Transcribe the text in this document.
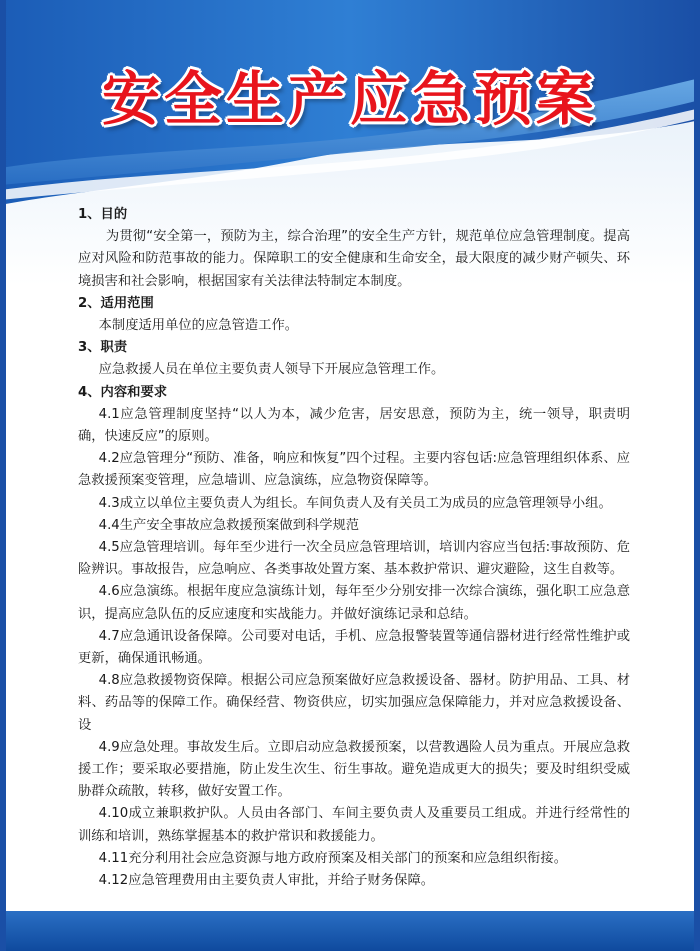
安全生产应急预案

1、目的

为贯彻“安全第一，预防为主，综合治理”的安全生产方针，规范单位应急管理制度。提高应对风险和防范事故的能力。保障职工的安全健康和生命安全，最大限度的减少财产顿失、环境损害和社会影响，根据国家有关法律法特制定本制度。

2、适用范围

本制度适用单位的应急管造工作。

3、职责

应急救援人员在单位主要负责人领导下开展应急管理工作。

4、内容和要求

4.1应急管理制度坚持“以人为本，减少危害，居安思意，预防为主，统一领导，职责明确，快速反应”的原则。

4.2应急管理分“预防、准备，响应和恢复”四个过程。主要内容包话:应急管理组织体系、应急救援预案变管理，应急墙训、应急演练，应急物资保障等。

4.3成立以单位主要负责人为组长。车间负责人及有关员工为成员的应急管理领导小组。

4.4生产安全事故应急救援预案做到科学规范

4.5应急管理培训。每年至少进行一次全员应急管理培训，培训内容应当包括:事故预防、危险辨识。事故报告，应急响应、各类事故处置方案、基本救护常识、避灾避险，这生自救等。

4.6应急演练。根据年度应急演练计划，每年至少分别安排一次综合演练，强化职工应急意识，提高应急队伍的反应速度和实战能力。并做好演练记录和总结。

4.7应急通讯设备保障。公司要对电话，手机、应急报警装置等通信器材进行经常性维护或更新，确保通讯畅通。

4.8应急救援物资保障。根据公司应急预案做好应急救援设备、器材。防护用品、工具、材料、药品等的保障工作。确保经营、物资供应，切实加强应急保障能力，并对应急救援设备、设

4.9应急处理。事故发生后。立即启动应急救援预案，以营教遇险人员为重点。开展应急救援工作；要采取必要措施，防止发生次生、衍生事故。避免造成更大的损失；要及时组织受威胁群众疏散，转移，做好安置工作。

4.10成立兼职救护队。人员由各部门、车间主要负责人及重要员工组成。并进行经常性的训练和培训，熟练掌握基本的救护常识和救援能力。

4.11充分利用社会应急资源与地方政府预案及相关部门的预案和应急组织衔接。

4.12应急管理费用由主要负责人审批，并给子财务保障。
